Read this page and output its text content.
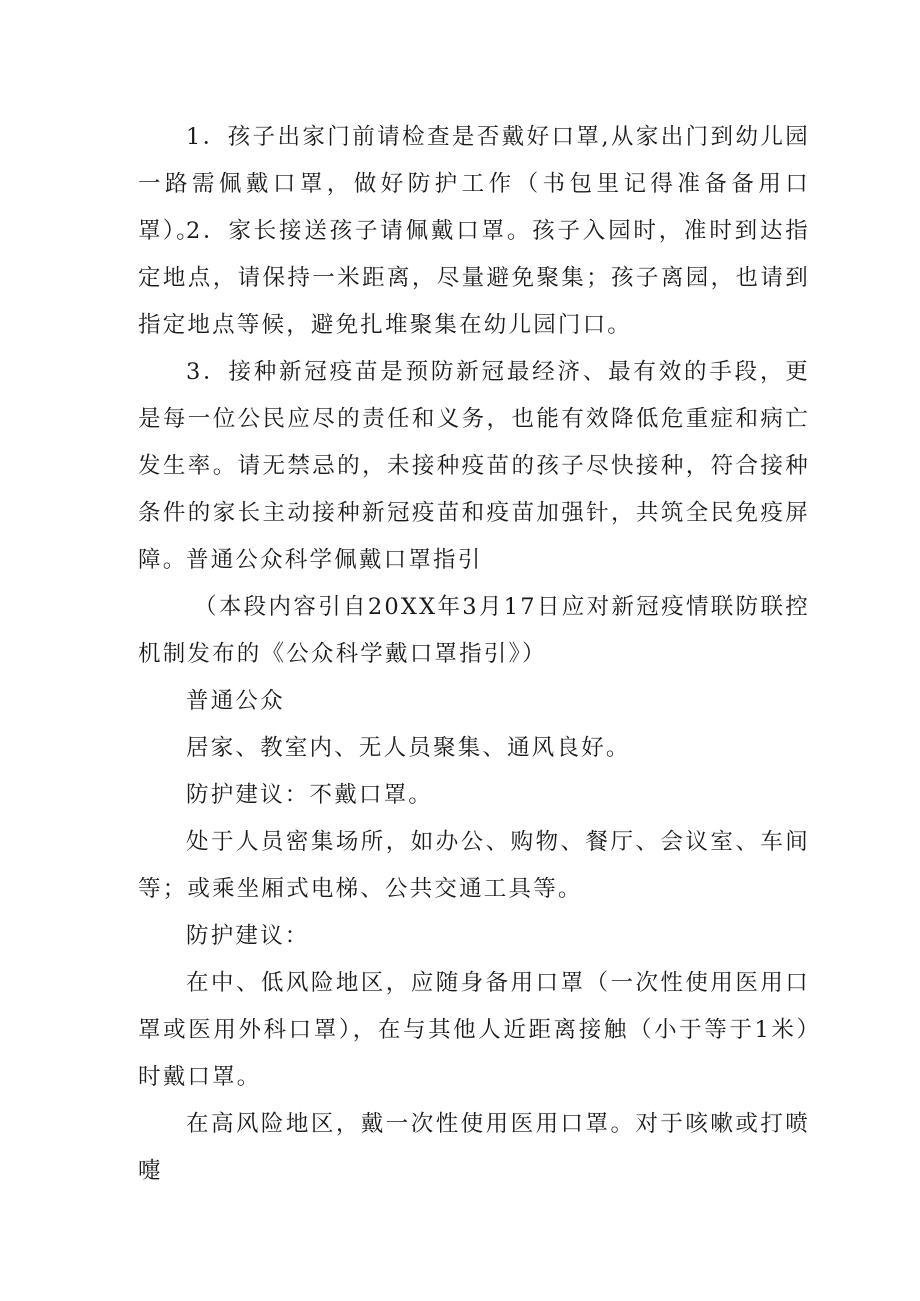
1．孩子出家门前请检查是否戴好口罩,从家出门到幼儿园一路需佩戴口罩，做好防护工作（书包里记得准备备用口罩）。

2．家长接送孩子请佩戴口罩。孩子入园时，准时到达指定地点，请保持一米距离，尽量避免聚集；孩子离园，也请到指定地点等候，避免扎堆聚集在幼儿园门口。

3．接种新冠疫苗是预防新冠最经济、最有效的手段，更是每一位公民应尽的责任和义务，也能有效降低危重症和病亡发生率。请无禁忌的，未接种疫苗的孩子尽快接种，符合接种条件的家长主动接种新冠疫苗和疫苗加强针，共筑全民免疫屏障。

普通公众科学佩戴口罩指引

（本段内容引自20XX年3月17日应对新冠疫情联防联控机制发布的《公众科学戴口罩指引》）

普通公众

居家、教室内、无人员聚集、通风良好。

防护建议：不戴口罩。

处于人员密集场所，如办公、购物、餐厅、会议室、车间等；或乘坐厢式电梯、公共交通工具等。

防护建议：

在中、低风险地区，应随身备用口罩（一次性使用医用口罩或医用外科口罩），在与其他人近距离接触（小于等于1米）时戴口罩。

在高风险地区，戴一次性使用医用口罩。对于咳嗽或打喷嚏
